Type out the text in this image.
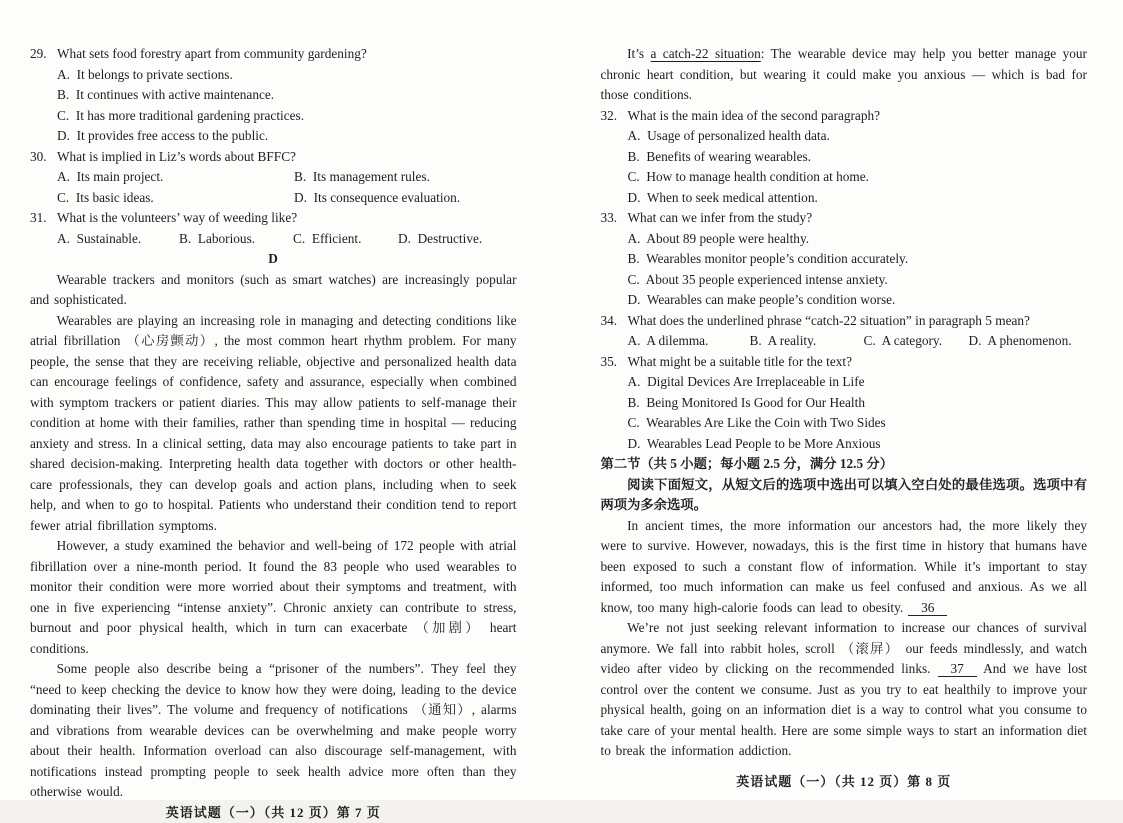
29. What sets food forestry apart from community gardening?
A.  It belongs to private sections.
B.  It continues with active maintenance.
C.  It has more traditional gardening practices.
D.  It provides free access to the public.
30. What is implied in Liz’s words about BFFC?
A.  Its main project.	B.  Its management rules.
C.  Its basic ideas.	D.  Its consequence evaluation.
31. What is the volunteers’ way of weeding like?
A.  Sustainable.	B.  Laborious.	C.  Efficient.	D.  Destructive.
D

Wearable trackers and monitors (such as smart watches) are increasingly popular and sophisticated.

Wearables are playing an increasing role in managing and detecting conditions like atrial fibrillation （心房颤动）, the most common heart rhythm problem. For many people, the sense that they are receiving reliable, objective and personalized health data can encourage feelings of confidence, safety and assurance, especially when combined with symptom trackers or patient diaries. This may allow patients to self-manage their condition at home with their families, rather than spending time in hospital — reducing anxiety and stress. In a clinical setting, data may also encourage patients to take part in shared decision-making. Interpreting health data together with doctors or other health-care professionals, they can develop goals and action plans, including when to seek help, and when to go to hospital. Patients who understand their condition tend to report fewer atrial fibrillation symptoms.

However, a study examined the behavior and well-being of 172 people with atrial fibrillation over a nine-month period. It found the 83 people who used wearables to monitor their condition were more worried about their symptoms and treatment, with one in five experiencing “intense anxiety”. Chronic anxiety can contribute to stress, burnout and poor physical health, which in turn can exacerbate （加剧） heart conditions.

Some people also describe being a “prisoner of the numbers”. They feel they “need to keep checking the device to know how they were doing, leading to the device dominating their lives”. The volume and frequency of notifications （通知）, alarms and vibrations from wearable devices can be overwhelming and make people worry about their health. Information overload can also discourage self-management, with notifications instead prompting people to seek health advice more often than they otherwise would.

英语试题（一）（共 12 页）第 7 页

It’s a catch-22 situation: The wearable device may help you better manage your chronic heart condition, but wearing it could make you anxious — which is bad for those conditions.

32. What is the main idea of the second paragraph?
A.  Usage of personalized health data.
B.  Benefits of wearing wearables.
C.  How to manage health condition at home.
D.  When to seek medical attention.
33. What can we infer from the study?
A.  About 89 people were healthy.
B.  Wearables monitor people’s condition accurately.
C.  About 35 people experienced intense anxiety.
D.  Wearables can make people’s condition worse.
34. What does the underlined phrase “catch-22 situation” in paragraph 5 mean?
A.  A dilemma.	B.  A reality.	C.  A category.	D.  A phenomenon.
35. What might be a suitable title for the text?
A.  Digital Devices Are Irreplaceable in Life
B.  Being Monitored Is Good for Our Health
C.  Wearables Are Like the Coin with Two Sides
D.  Wearables Lead People to be More Anxious
第二节（共 5 小题；每小题 2.5 分，满分 12.5 分）

阅读下面短文，从短文后的选项中选出可以填入空白处的最佳选项。选项中有两项为多余选项。

In ancient times, the more information our ancestors had, the more likely they were to survive. However, nowadays, this is the first time in history that humans have been exposed to such a constant flow of information. While it’s important to stay informed, too much information can make us feel confused and anxious. As we all know, too many high-calorie foods can lead to obesity. 36

We’re not just seeking relevant information to increase our chances of survival anymore. We fall into rabbit holes, scroll （滚屏） our feeds mindlessly, and watch video after video by clicking on the recommended links. 37 And we have lost control over the content we consume. Just as you try to eat healthily to improve your physical health, going on an information diet is a way to control what you consume to take care of your mental health. Here are some simple ways to start an information diet to break the information addiction.

英语试题（一）（共 12 页）第 8 页
